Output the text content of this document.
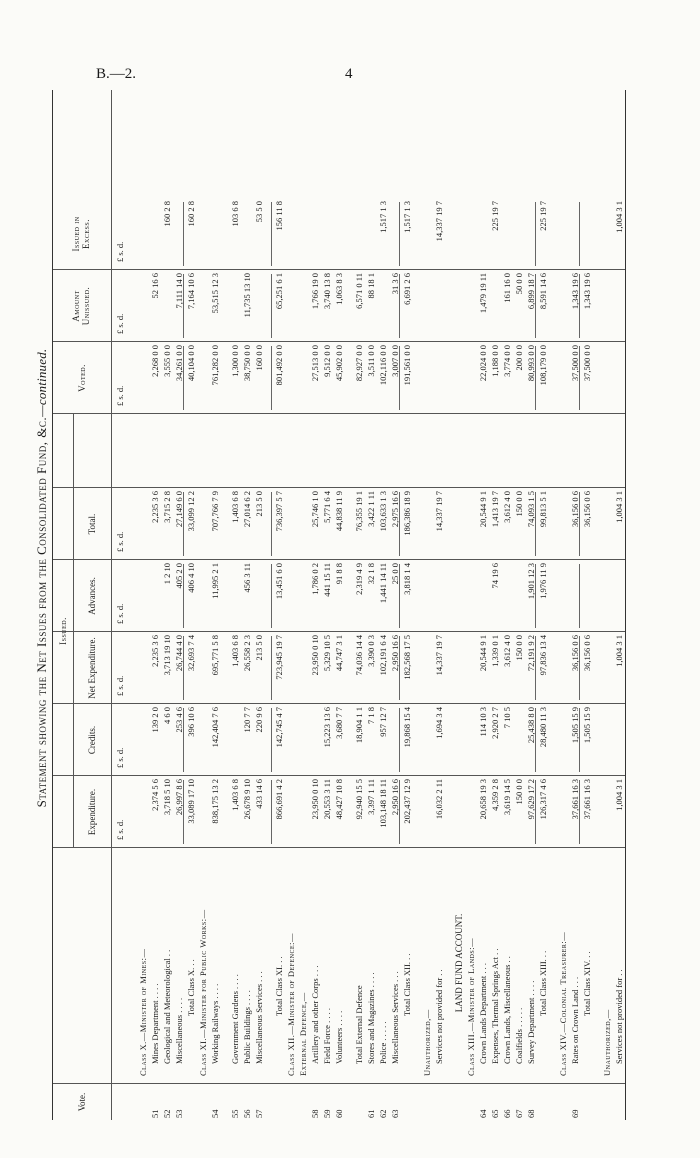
B.—2.	4
Statement showing the Net Issues from the Consolidated Fund, &c.—continued.
Vote.
Issued.
Expenditure.
Credits.
Net Expenditure.
Advances.
Total.
Voted.
Amount Unissued.
Issued in Excess.
£ s. d.
£ s. d.
£ s. d.
£ s. d.
£ s. d.
£ s. d.
£ s. d.
£ s. d.
Class X.—Minister of Mines:—
51
Mines Department . . . .
2,374 5 6
139 2 0
2,235 3 6
2,235 3 6
2,268 0 0
52 16 6
52
Geological and Meteorological . .
3,718 5 10
4 6 0
3,713 19 10
1 2 10
3,715 2 8
3,555 0 0
160 2 8
53
Miscellaneous . . . .
26,997 8 6
253 4 6
26,744 4 0
405 2 0
27,149 6 0
34,261 0 0
7,111 14 0
Total Class X. . .
33,089 17 10
396 10 6
32,693 7 4
406 4 10
33,099 12 2
40,104 0 0
7,164 10 6
160 2 8
Class XI.—Minister for Public Works:—
54
Working Railways . . . .
838,175 13 2
142,404 7 6
695,771 5 8
11,995 2 1
707,766 7 9
761,282 0 0
53,515 12 3
55
Government Gardens . . . .
1,403 6 8
1,403 6 8
1,403 6 8
1,300 0 0
103 6 8
56
Public Buildings . . . .
26,678 9 10
120 7 7
26,558 2 3
456 3 11
27,014 6 2
38,750 0 0
11,735 13 10
57
Miscellaneous Services . . .
433 14 6
220 9 6
213 5 0
213 5 0
160 0 0
53 5 0
Total Class XI. . .
866,691 4 2
142,745 4 7
723,945 19 7
13,451 6 0
736,397 5 7
801,492 0 0
65,251 6 1
156 11 8
Class XII.—Minister of Defence:— External Defence,—
58
Artillery and other Corps . . .
23,950 0 10
23,950 0 10
1,786 0 2
25,746 1 0
27,513 0 0
1,766 19 0
59
Field Force . . . .
20,553 3 11
15,223 13 6
5,329 10 5
441 15 11
5,771 6 4
9,512 0 0
3,740 13 8
60
Volunteers . . . .
48,427 10 8
3,680 7 7
44,747 3 1
91 8 8
44,838 11 9
45,902 0 0
1,063 8 3
Total External Defence
92,940 15 5
18,904 1 1
74,036 14 4
2,319 4 9
76,355 19 1
82,927 0 0
6,571 0 11
61
Stores and Magazines . . . .
3,397 1 11
7 1 8
3,390 0 3
32 1 8
3,422 1 11
3,511 0 0
88 18 1
62
Police . . . . .
103,148 18 11
957 12 7
102,191 6 4
1,441 14 11
103,633 1 3
102,116 0 0
1,517 1 3
63
Miscellaneous Services . . .
2,950 16 6
2,950 16 6
25 0 0
2,975 16 6
3,007 0 0
31 3 6
Total Class XII. . .
202,437 12 9
19,868 15 4
182,568 17 5
3,818 1 4
186,386 18 9
191,561 0 0
6,691 2 6
1,517 1 3
Unauthorized,— Services not provided for . .
16,032 2 11
1,694 3 4
14,337 19 7
14,337 19 7
14,337 19 7
LAND FUND ACCOUNT. Class XIII.—Minister of Lands:—
64
Crown Lands Department . . .
20,658 19 3
114 10 3
20,544 9 1
20,544 9 1
22,024 0 0
1,479 19 11
65
Expenses, Thermal Springs Act . .
4,359 2 8
2,920 2 7
1,339 0 1
74 19 6
1,413 19 7
1,188 0 0
225 19 7
66
Crown Lands, Miscellaneous . .
3,619 14 5
7 10 5
3,612 4 0
3,612 4 0
3,774 0 0
161 16 0
67
Coalfields . . . . .
150 0 0
150 0 0
150 0 0
200 0 0
50 0 0
68
Survey Department . . . .
97,629 17 2
25,438 8 0
72,191 9 2
1,901 12 3
74,093 1 5
80,993 0 0
6,899 18 7
Total Class XIII. . .
126,317 4 6
28,480 11 3
97,836 13 4
1,976 11 9
99,813 5 1
108,179 0 0
8,591 14 6
225 19 7
Class XIV.—Colonial Treasurer:—
69
Rates on Crown Land . . .
37,661 16 3
1,505 15 9
36,156 0 6
36,156 0 6
37,500 0 0
1,343 19 6
Total Class XIV. . .
37,661 16 3
1,505 15 9
36,156 0 6
36,156 0 6
37,500 0 0
1,343 19 6
Unauthorized,— Services not provided for . .
1,004 3 1
1,004 3 1
1,004 3 1
1,004 3 1
